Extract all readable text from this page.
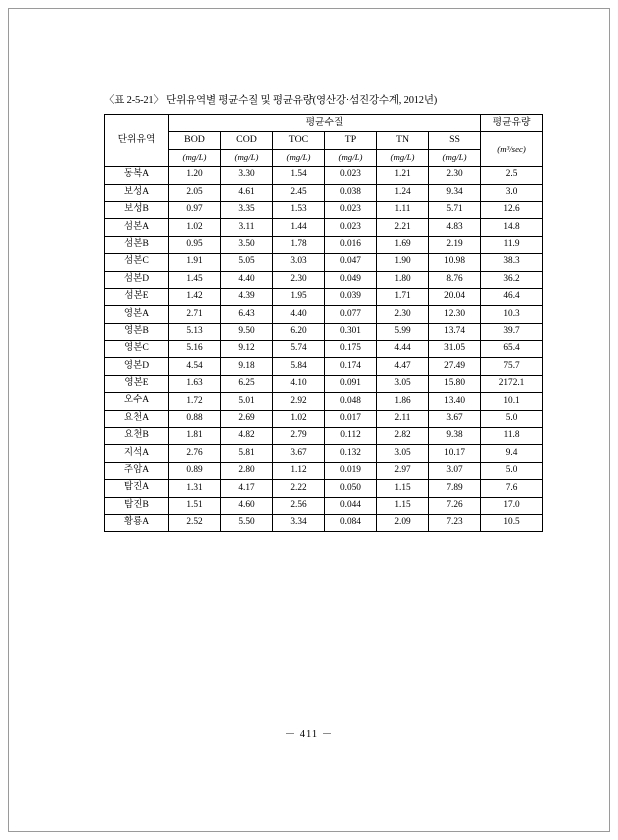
〈표 2-5-21〉 단위유역별 평균수질 및 평균유량(영산강·섬진강수계, 2012년)
단위유역	평균수질						평균유량
	BOD	COD	TOC	TP	TN	SS	(m³/sec)
	(mg/L)	(mg/L)	(mg/L)	(mg/L)	(mg/L)	(mg/L)	
동복A	1.20	3.30	1.54	0.023	1.21	2.30	2.5
보성A	2.05	4.61	2.45	0.038	1.24	9.34	3.0
보성B	0.97	3.35	1.53	0.023	1.11	5.71	12.6
섬본A	1.02	3.11	1.44	0.023	2.21	4.83	14.8
섬본B	0.95	3.50	1.78	0.016	1.69	2.19	11.9
섬본C	1.91	5.05	3.03	0.047	1.90	10.98	38.3
섬본D	1.45	4.40	2.30	0.049	1.80	8.76	36.2
섬본E	1.42	4.39	1.95	0.039	1.71	20.04	46.4
영본A	2.71	6.43	4.40	0.077	2.30	12.30	10.3
영본B	5.13	9.50	6.20	0.301	5.99	13.74	39.7
영본C	5.16	9.12	5.74	0.175	4.44	31.05	65.4
영본D	4.54	9.18	5.84	0.174	4.47	27.49	75.7
영본E	1.63	6.25	4.10	0.091	3.05	15.80	2172.1
오수A	1.72	5.01	2.92	0.048	1.86	13.40	10.1
요천A	0.88	2.69	1.02	0.017	2.11	3.67	5.0
요천B	1.81	4.82	2.79	0.112	2.82	9.38	11.8
지석A	2.76	5.81	3.67	0.132	3.05	10.17	9.4
주암A	0.89	2.80	1.12	0.019	2.97	3.07	5.0
탐진A	1.31	4.17	2.22	0.050	1.15	7.89	7.6
탐진B	1.51	4.60	2.56	0.044	1.15	7.26	17.0
황룡A	2.52	5.50	3.34	0.084	2.09	7.23	10.5
－ 411 －
